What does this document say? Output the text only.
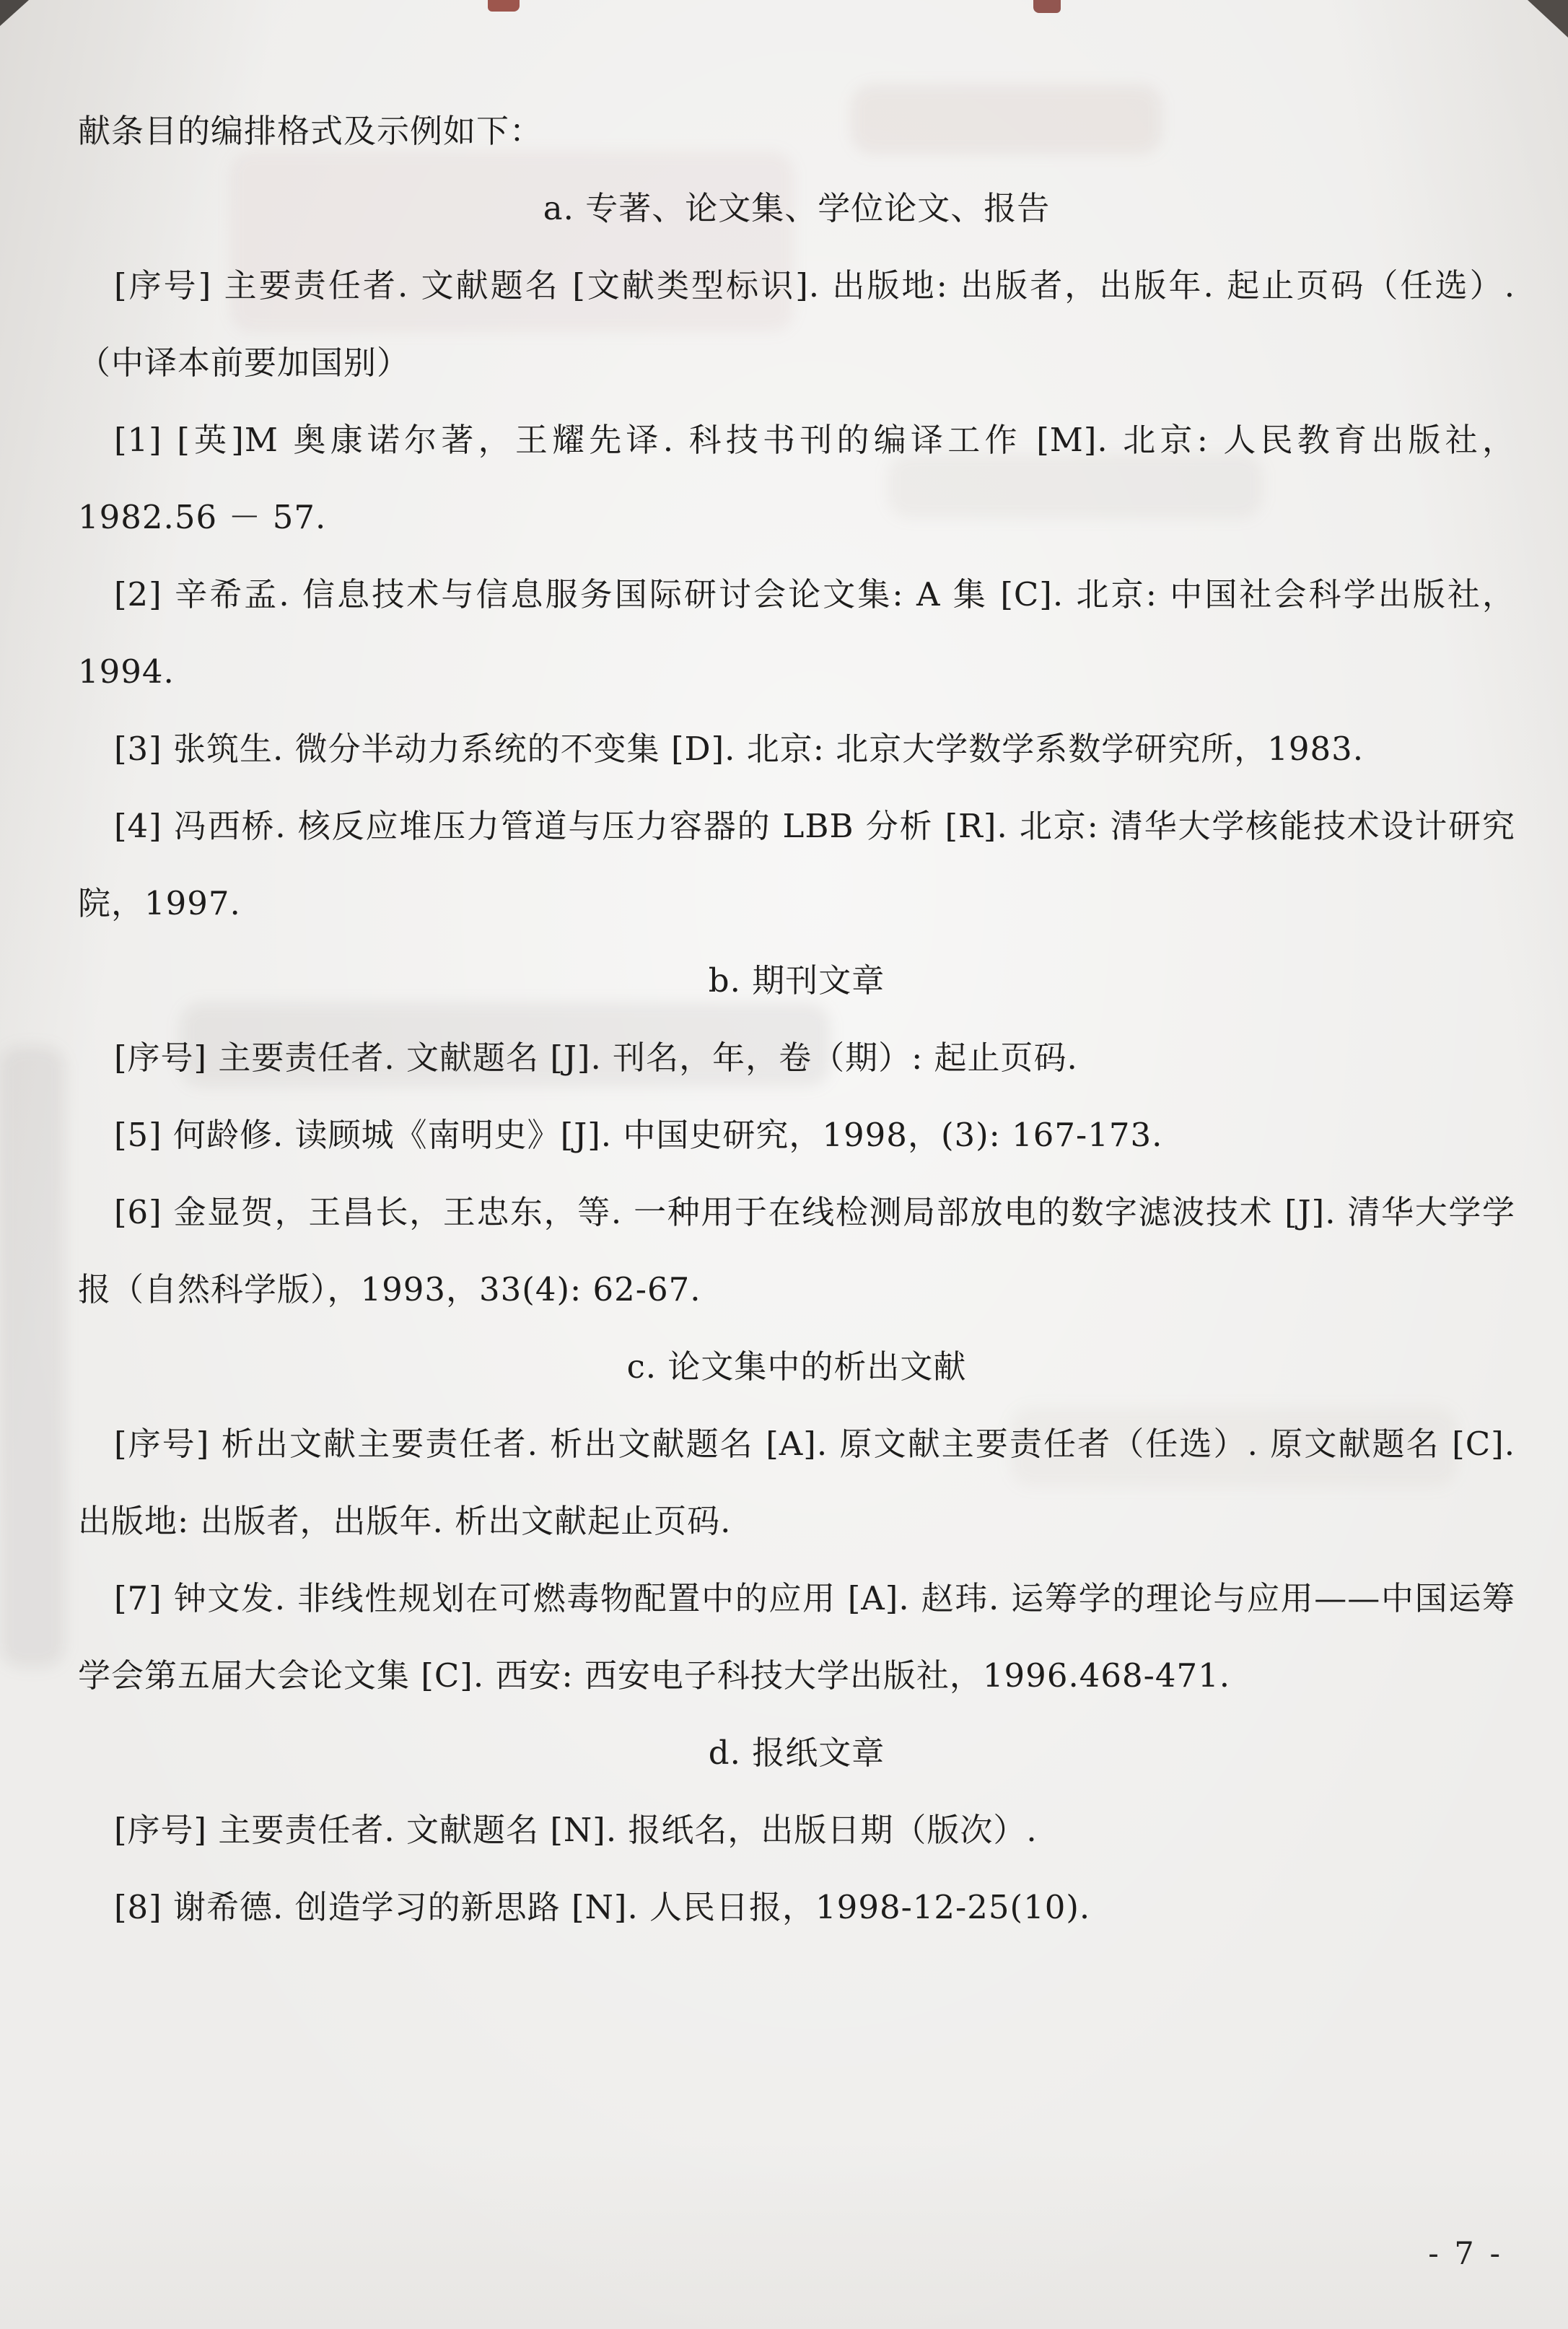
献条目的编排格式及示例如下：

a. 专著、论文集、学位论文、报告

[序号] 主要责任者. 文献题名 [文献类型标识]. 出版地: 出版者，出版年. 起止页码（任选）.（中译本前要加国别）

[1] [英]M 奥康诺尔著，王耀先译. 科技书刊的编译工作 [M]. 北京: 人民教育出版社，1982.56 － 57.

[2] 辛希孟. 信息技术与信息服务国际研讨会论文集: A 集 [C]. 北京: 中国社会科学出版社，1994.

[3] 张筑生. 微分半动力系统的不变集 [D]. 北京: 北京大学数学系数学研究所，1983.

[4] 冯西桥. 核反应堆压力管道与压力容器的 LBB 分析 [R]. 北京: 清华大学核能技术设计研究院，1997.

b. 期刊文章

[序号] 主要责任者. 文献题名 [J]. 刊名，年，卷（期）: 起止页码.

[5] 何龄修. 读顾城《南明史》[J]. 中国史研究，1998，(3): 167-173.

[6] 金显贺，王昌长，王忠东，等. 一种用于在线检测局部放电的数字滤波技术 [J]. 清华大学学报（自然科学版），1993，33(4): 62-67.

c. 论文集中的析出文献

[序号] 析出文献主要责任者. 析出文献题名 [A]. 原文献主要责任者（任选）. 原文献题名 [C]. 出版地: 出版者，出版年. 析出文献起止页码.

[7] 钟文发. 非线性规划在可燃毒物配置中的应用 [A]. 赵玮. 运筹学的理论与应用——中国运筹学会第五届大会论文集 [C]. 西安: 西安电子科技大学出版社，1996.468-471.

d. 报纸文章

[序号] 主要责任者. 文献题名 [N]. 报纸名，出版日期（版次）.

[8] 谢希德. 创造学习的新思路 [N]. 人民日报，1998-12-25(10).

- 7 -
